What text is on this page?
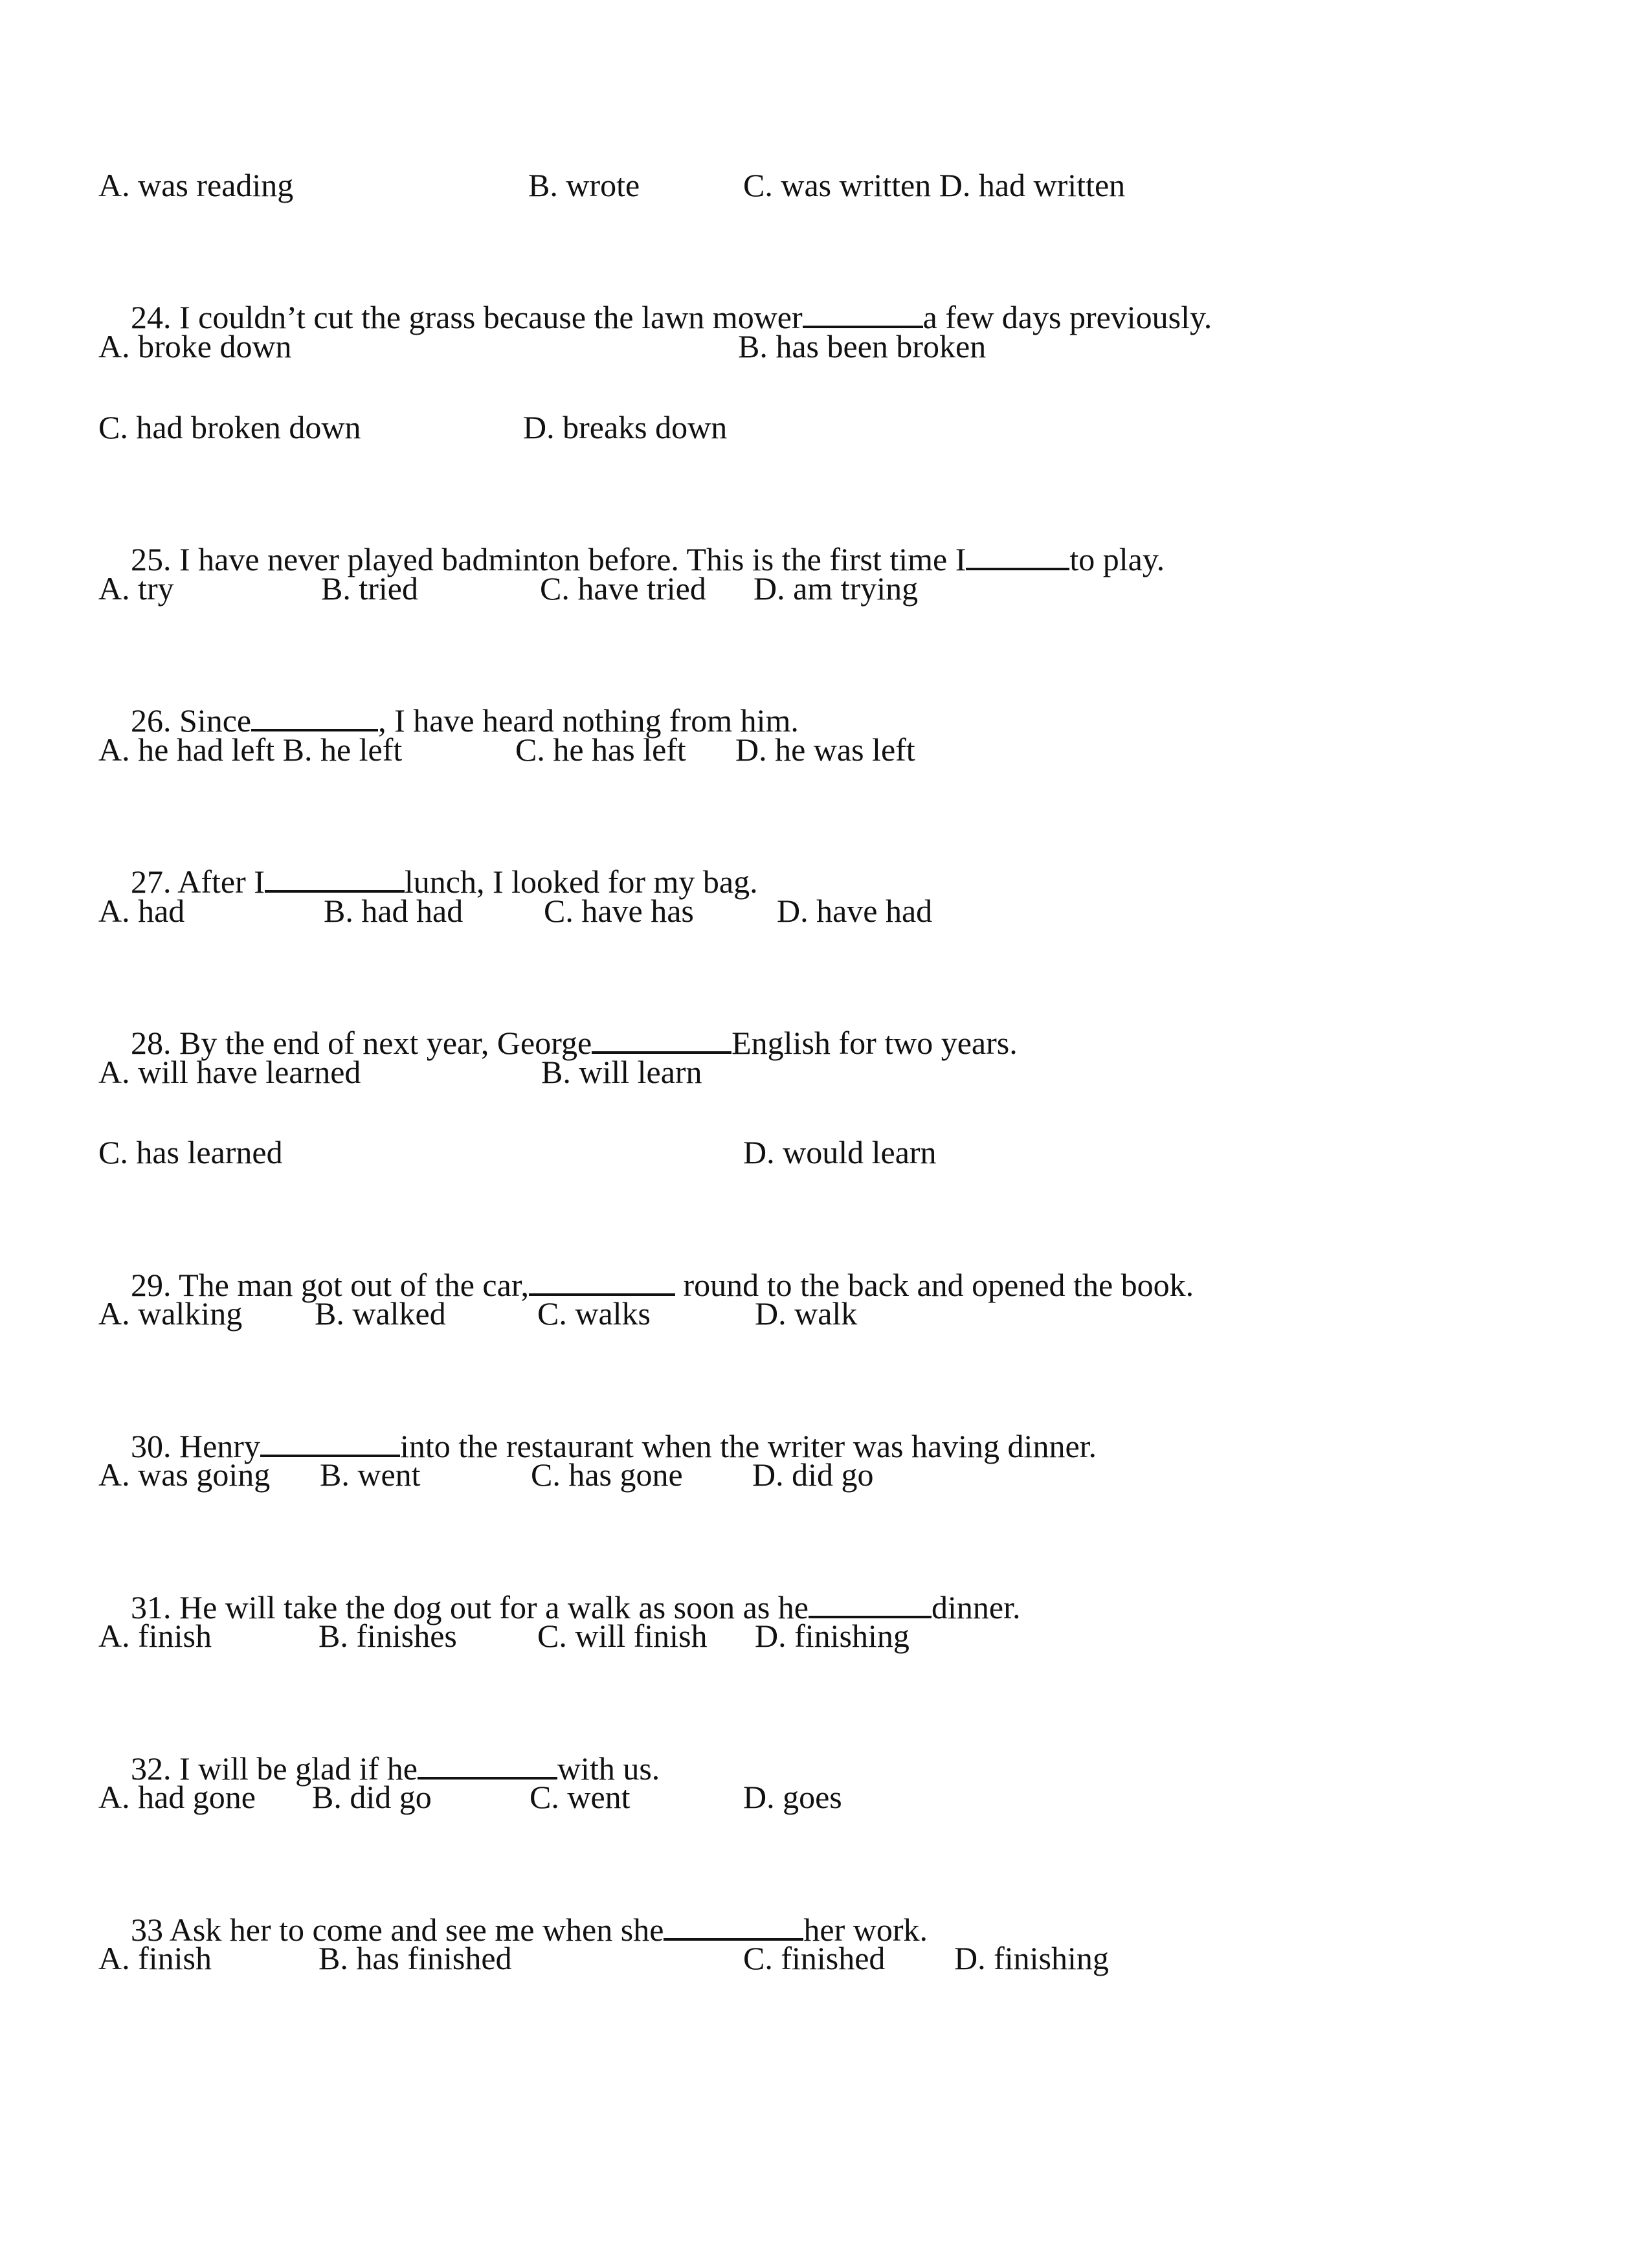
A. was reading

	B. wrote

	C. was written D. had written

24. I couldn’t cut the grass because the lawn mower	a few days previously.

A. broke down

	B. has been broken

C. had broken down

	D. breaks down

25. I have never played badminton before. This is the first time I	to play.

A. try

	B. tried

	C. have tried

D. am trying

26. Since	, I have heard nothing from him.

A. he had left B. he left

	C. he has left

D. he was left

27. After I	lunch, I looked for my bag.

A. had

	B. had had

C. have has

	D. have had

28. By the end of next year, George	English for two years.

A. will have learned

	B. will learn

C. has learned

	D. would learn

29. The man got out of the car,	round to the back and opened the book.

A. walking

B. walked

	C. walks

	D. walk

30. Henry	into the restaurant when the writer was having dinner.

A. was going

B. went

	C. has gone

D. did go

31. He will take the dog out for a walk as soon as he	dinner.

A. finish

	B. finishes

C. will finish

D. finishing

32. I will be glad if he	with us.

A. had gone

B. did go

	C. went

	D. goes

33 Ask her to come and see me when she	her work.

A. finish

	B. has finished

	C. finished

D. finishing
